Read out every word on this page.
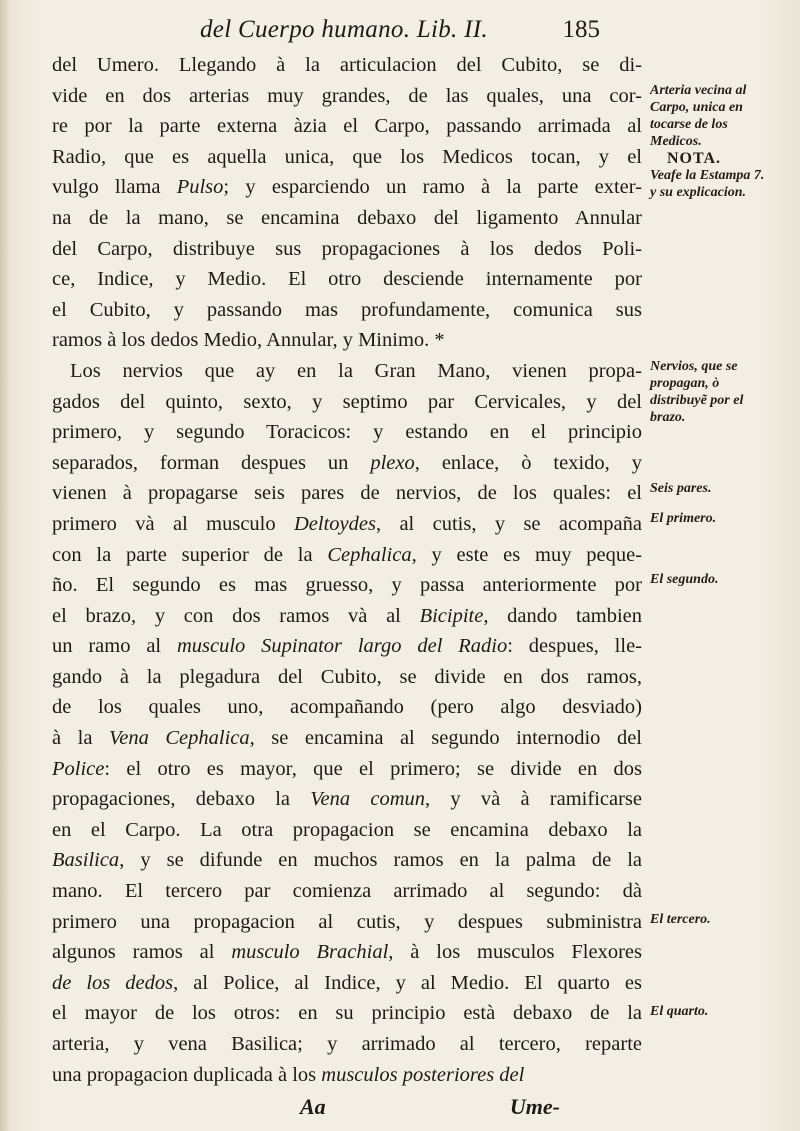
del Cuerpo humano. Lib. II.	185
del Umero. Llegando à la articulacion del Cubito, se di-
vide en dos arterias muy grandes, de las quales, una cor-
re por la parte externa àzia el Carpo, passando arrimada al
Radio, que es aquella unica, que los Medicos tocan, y el
vulgo llama Pulso; y esparciendo un ramo à la parte exter-
na de la mano, se encamina debaxo del ligamento Annular
del Carpo, distribuye sus propagaciones à los dedos Poli-
ce, Indice, y Medio. El otro desciende internamente por
el Cubito, y passando mas profundamente, comunica sus
ramos à los dedos Medio, Annular, y Minimo. *
Los nervios que ay en la Gran Mano, vienen propa-
gados del quinto, sexto, y septimo par Cervicales, y del
primero, y segundo Toracicos: y estando en el principio
separados, forman despues un plexo, enlace, ò texido, y
vienen à propagarse seis pares de nervios, de los quales: el
primero và al musculo Deltoydes, al cutis, y se acompaña
con la parte superior de la Cephalica, y este es muy peque-
ño. El segundo es mas gruesso, y passa anteriormente por
el brazo, y con dos ramos và al Bicipite, dando tambien
un ramo al musculo Supinator largo del Radio: despues, lle-
gando à la plegadura del Cubito, se divide en dos ramos,
de los quales uno, acompañando (pero algo desviado)
à la Vena Cephalica, se encamina al segundo internodio del
Police: el otro es mayor, que el primero; se divide en dos
propagaciones, debaxo la Vena comun, y và à ramificarse
en el Carpo. La otra propagacion se encamina debaxo la
Basilica, y se difunde en muchos ramos en la palma de la
mano. El tercero par comienza arrimado al segundo: dà
primero una propagacion al cutis, y despues subministra
algunos ramos al musculo Brachial, à los musculos Flexores
de los dedos, al Police, al Indice, y al Medio. El quarto es
el mayor de los otros: en su principio està debaxo de la
arteria, y vena Basilica; y arrimado al tercero, reparte
una propagacion duplicada à los musculos posteriores del
Arteria vecina al Carpo, unica en tocarse de los Medicos.
NOTA.
Veafe la Estampa 7. y su explicacion.
Nervios, que se propagan, ò distribuyẽ por el brazo.
Seis pares.
El primero.
El segundo.
El tercero.
El quarto.
Aa	Ume-
